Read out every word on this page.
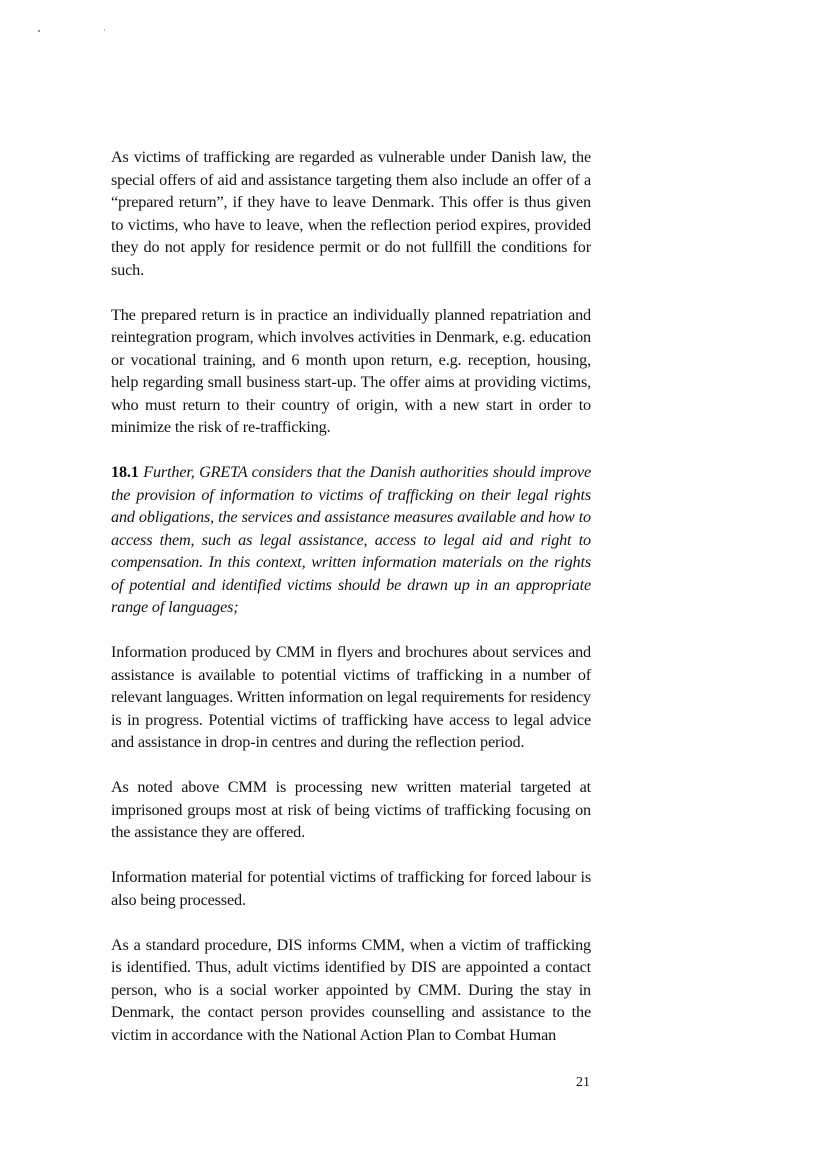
As victims of trafficking are regarded as vulnerable under Danish law, the special offers of aid and assistance targeting them also include an offer of a “prepared return”, if they have to leave Denmark. This offer is thus given to victims, who have to leave, when the reflection period expires, provided they do not apply for residence permit or do not fullfill the conditions for such.

The prepared return is in practice an individually planned repatriation and reintegration program, which involves activities in Denmark, e.g. education or vocational training, and 6 month upon return, e.g. reception, housing, help regarding small business start-up. The offer aims at providing victims, who must return to their country of origin, with a new start in order to minimize the risk of re-trafficking.

18.1 Further, GRETA considers that the Danish authorities should improve the provision of information to victims of trafficking on their legal rights and obligations, the services and assistance measures available and how to access them, such as legal assistance, access to legal aid and right to compensation. In this context, written information materials on the rights of potential and identified victims should be drawn up in an appropriate range of languages;

Information produced by CMM in flyers and brochures about services and assistance is available to potential victims of trafficking in a number of relevant languages. Written information on legal requirements for residency is in progress. Potential victims of trafficking have access to legal advice and assistance in drop-in centres and during the reflection period.

As noted above CMM is processing new written material targeted at imprisoned groups most at risk of being victims of trafficking focusing on the assistance they are offered.

Information material for potential victims of trafficking for forced labour is also being processed.

As a standard procedure, DIS informs CMM, when a victim of trafficking is identified. Thus, adult victims identified by DIS are appointed a contact person, who is a social worker appointed by CMM. During the stay in Denmark, the contact person provides counselling and assistance to the victim in accordance with the National Action Plan to Combat Human

21
